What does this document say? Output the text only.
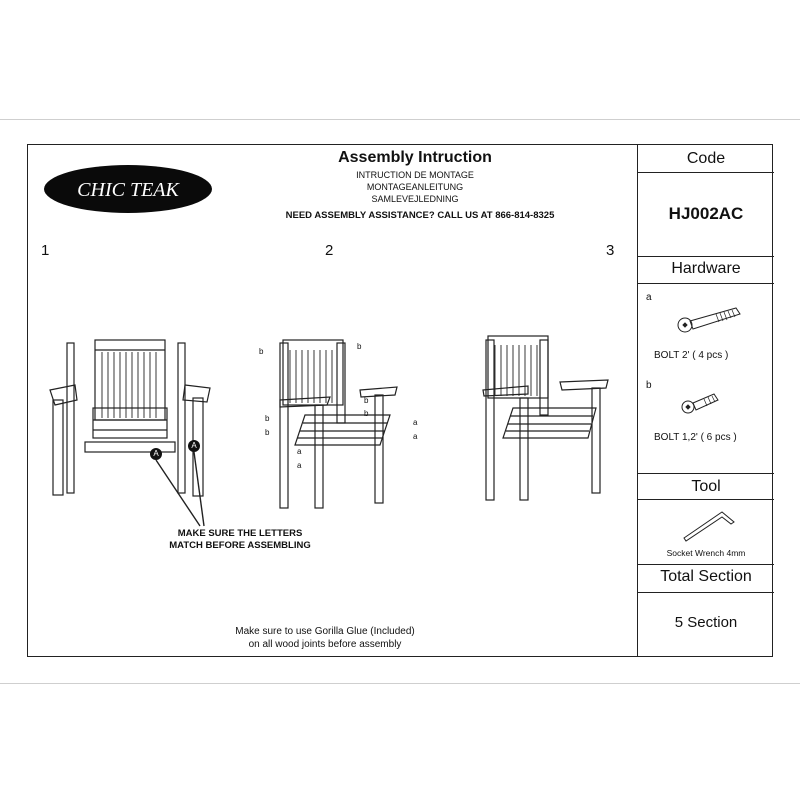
CHIC TEAK
Assembly Intruction
INTRUCTION DE MONTAGE
MONTAGEANLEITUNG
SAMLEVEJLEDNING
NEED ASSEMBLY ASSISTANCE? CALL US AT 866-814-8325
1	2	3
A
A
MAKE SURE THE LETTERS
MATCH BEFORE ASSEMBLING
b
b
b
b
b
b
a
a
a
a
Make sure to use Gorilla Glue (Included)
on all wood joints before assembly
Code
HJ002AC
Hardware
a
BOLT 2' ( 4 pcs )
b
BOLT 1,2' ( 6 pcs )
Tool
Socket Wrench 4mm
Total Section
5 Section
